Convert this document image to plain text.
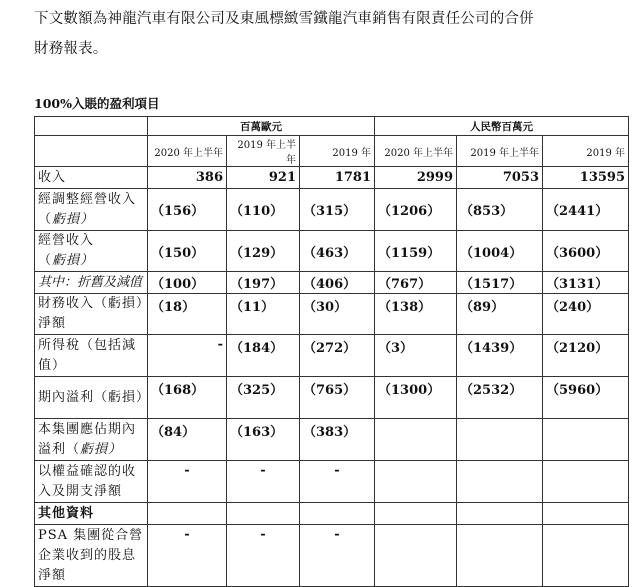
下文數額為神龍汽車有限公司及東風標緻雪鐵龍汽車銷售有限責任公司的合併
財務報表。
100%入賬的盈利項目
	百萬歐元			人民幣百萬元		
	2020 年上半年	2019 年上半年	2019 年	2020 年上半年	2019 年上半年	2019 年
收入	386	921	1781	2999	7053	13595
經調整經營收入（虧損）	（156）	（110）	（315）	（1206）	（853）	（2441）
經營收入（虧損）	（150）	（129）	（463）	（1159）	（1004）	（3600）
其中：折舊及減值	（100）	（197）	（406）	（767）	（1517）	（3131）
財務收入（虧損）淨額	（18）	（11）	（30）	（138）	（89）	（240）
所得稅（包括減值）	-	（184）	（272）	（3）	（1439）	（2120）
期內溢利（虧損）	（168）	（325）	（765）	（1300）	（2532）	（5960）
本集團應佔期內溢利（虧損）	（84）	（163）	（383）			
以權益確認的收入及開支淨額	-	-	-			
其他資料						
PSA 集團從合營企業收到的股息淨額	-	-	-			
